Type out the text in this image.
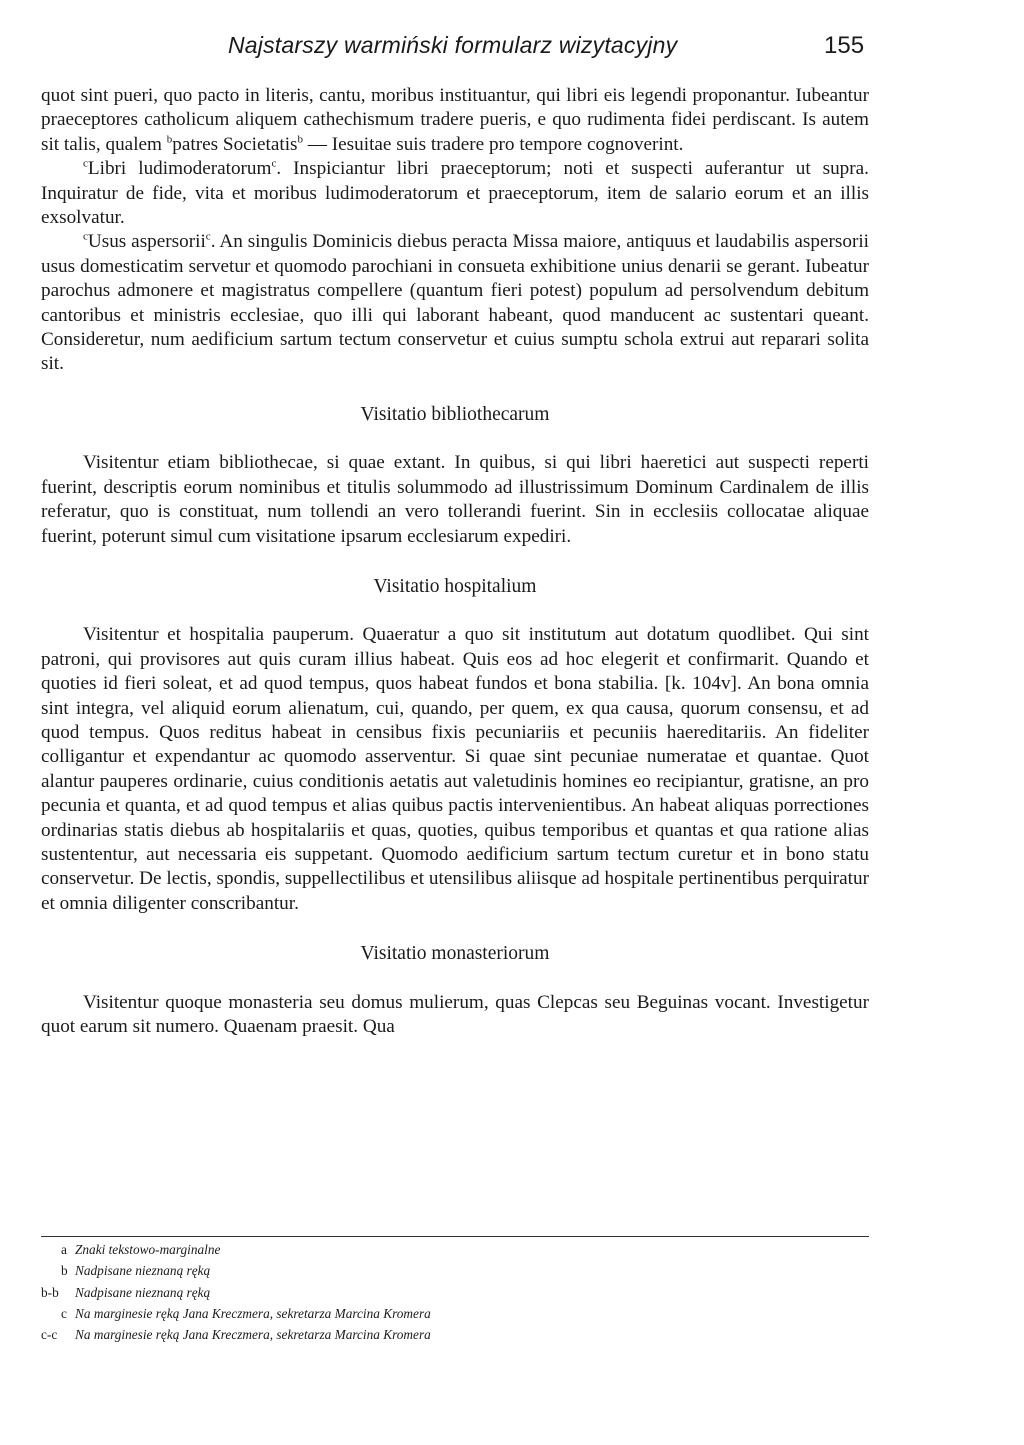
Najstarszy warmiński formularz wizytacyjny	155

quot sint pueri, quo pacto in literis, cantu, moribus instituantur, qui libri eis legendi proponantur. Iubeantur praeceptores catholicum aliquem cathechismum tradere pueris, e quo rudimenta fidei perdiscant. Is autem sit talis, qualem $^b$patres Societatis$^b$ — Iesuitae suis tradere pro tempore cognoverint.

$^c$Libri ludimoderatorum$^c$. Inspiciantur libri praeceptorum; noti et suspecti auferantur ut supra. Inquiratur de fide, vita et moribus ludimoderatorum et praeceptorum, item de salario eorum et an illis exsolvatur.

$^c$Usus aspersorii$^c$. An singulis Dominicis diebus peracta Missa maiore, antiquus et laudabilis aspersorii usus domesticatim servetur et quomodo parochiani in consueta exhibitione unius denarii se gerant. Iubeatur parochus admonere et magistratus compellere (quantum fieri potest) populum ad persolvendum debitum cantoribus et ministris ecclesiae, quo illi qui laborant habeant, quod manducent ac sustentari queant. Consideretur, num aedificium sartum tectum conservetur et cuius sumptu schola extrui aut reparari solita sit.

Visitatio bibliothecarum

Visitentur etiam bibliothecae, si quae extant. In quibus, si qui libri haeretici aut suspecti reperti fuerint, descriptis eorum nominibus et titulis solummodo ad illustrissimum Dominum Cardinalem de illis referatur, quo is constituat, num tollendi an vero tollerandi fuerint. Sin in ecclesiis collocatae aliquae fuerint, poterunt simul cum visitatione ipsarum ecclesiarum expediri.

Visitatio hospitalium

Visitentur et hospitalia pauperum. Quaeratur a quo sit institutum aut dotatum quodlibet. Qui sint patroni, qui provisores aut quis curam illius habeat. Quis eos ad hoc elegerit et confirmarit. Quando et quoties id fieri soleat, et ad quod tempus, quos habeat fundos et bona stabilia. [k. 104v]. An bona omnia sint integra, vel aliquid eorum alienatum, cui, quando, per quem, ex qua causa, quorum consensu, et ad quod tempus. Quos reditus habeat in censibus fixis pecuniariis et pecuniis haereditariis. An fideliter colligantur et expendantur ac quomodo asserventur. Si quae sint pecuniae numeratae et quantae. Quot alantur pauperes ordinarie, cuius conditionis aetatis aut valetudinis homines eo recipiantur, gratisne, an pro pecunia et quanta, et ad quod tempus et alias quibus pactis intervenientibus. An habeat aliquas porrectiones ordinarias statis diebus ab hospitalariis et quas, quoties, quibus temporibus et quantas et qua ratione alias sustententur, aut necessaria eis suppetant. Quomodo aedificium sartum tectum curetur et in bono statu conservetur. De lectis, spondis, suppellectilibus et utensilibus aliisque ad hospitale pertinentibus perquiratur et omnia diligenter conscribantur.

Visitatio monasteriorum

Visitentur quoque monasteria seu domus mulierum, quas Clepcas seu Beguinas vocant. Investigetur quot earum sit numero. Quaenam praesit. Qua

a Znaki tekstowo-marginalne
b Nadpisane nieznaną ręką
b-b Nadpisane nieznaną ręką
c Na marginesie ręką Jana Kreczmera, sekretarza Marcina Kromera
c-c Na marginesie ręką Jana Kreczmera, sekretarza Marcina Kromera
